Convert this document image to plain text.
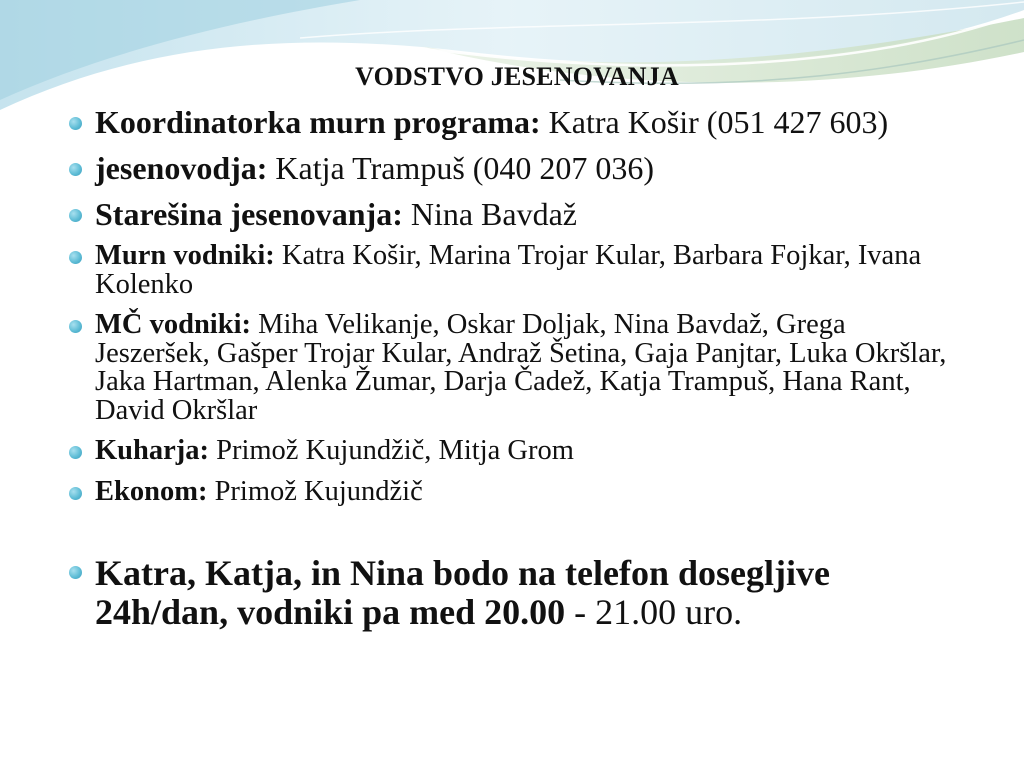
VODSTVO JESENOVANJA
Koordinatorka murn programa: Katra Košir (051 427 603)
jesenovodja: Katja Trampuš (040 207 036)
Starešina jesenovanja: Nina Bavdaž
Murn vodniki: Katra Košir, Marina Trojar Kular, Barbara Fojkar, Ivana Kolenko
MČ vodniki: Miha Velikanje, Oskar Doljak, Nina Bavdaž, Grega Jeszeršek, Gašper Trojar Kular, Andraž Šetina, Gaja Panjtar, Luka Okršlar, Jaka Hartman, Alenka Žumar, Darja Čadež, Katja Trampuš, Hana Rant, David Okršlar
Kuharja: Primož Kujundžič, Mitja Grom
Ekonom: Primož Kujundžič
Katra, Katja, in Nina bodo na telefon dosegljive 24h/dan, vodniki pa med 20.00 - 21.00 uro.
